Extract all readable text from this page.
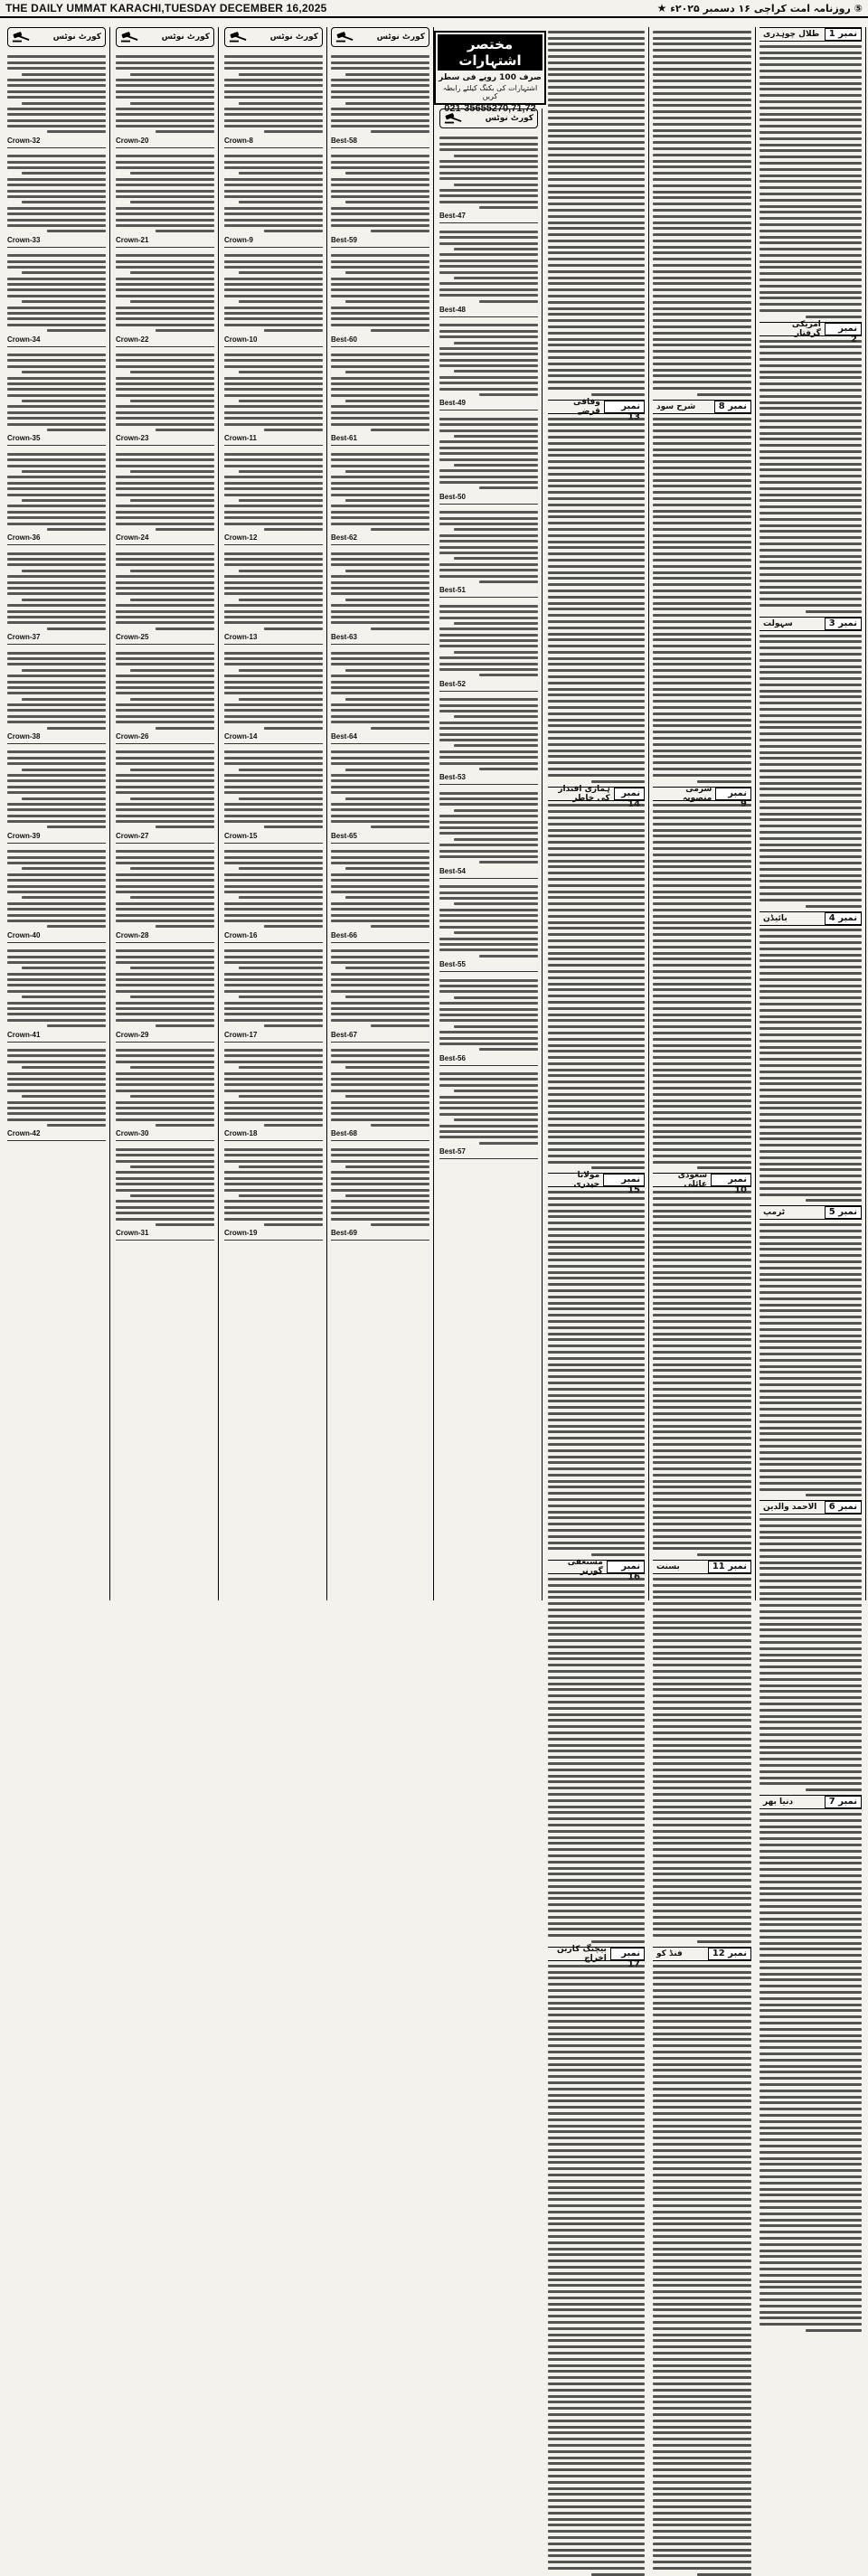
THE DAILY UMMAT KARACHI,TUESDAY DECEMBER 16,2025	⑤ روزنامہ امت کراچی ۱۶ دسمبر ۲۰۲۵ء ★
کورٹ نوٹس
Crown-32
Crown-33
Crown-34
Crown-35
Crown-36
Crown-37
Crown-38
Crown-39
Crown-40
Crown-41
Crown-42
کورٹ نوٹس
Crown-20
Crown-21
Crown-22
Crown-23
Crown-24
Crown-25
Crown-26
Crown-27
Crown-28
Crown-29
Crown-30
Crown-31
کورٹ نوٹس
Crown-8
Crown-9
Crown-10
Crown-11
Crown-12
Crown-13
Crown-14
Crown-15
Crown-16
Crown-17
Crown-18
Crown-19
کورٹ نوٹس
Best-58
Best-59
Best-60
Best-61
Best-62
Best-63
Best-64
Best-65
Best-66
Best-67
Best-68
Best-69
کورٹ نوٹس
Best-47
Best-48
Best-49
Best-50
Best-51
Best-52
Best-53
Best-54
Best-55
Best-56
Best-57
مختصر اشتہارات
صرف 100 روپے فی سطر
اشتہارات کی بکنگ کیلئے رابطہ کریں
021-35655270,71,72
وفاقی قرضے	نمبر
ہماری اقتدار کی خاطر	نمبر
مولانا حیدری	نمبر
مستعفی گورنر	نمبر
بیچنگ کاربن اخراج	نمبر
شرح سود	نمبر 8
شرمی منصوبہ	نمبر
سعودی عائلی	نمبر
بسنت	نمبر 11
فنڈ کو	نمبر 12
طلال چوہدری	نمبر 1
امریکی گرفتار	نمبر
سہولت	نمبر 3
بائیڈن	نمبر 4
ٹرمپ	نمبر 5
الاحمد والدین	نمبر 6
دنیا بھر	نمبر 7
